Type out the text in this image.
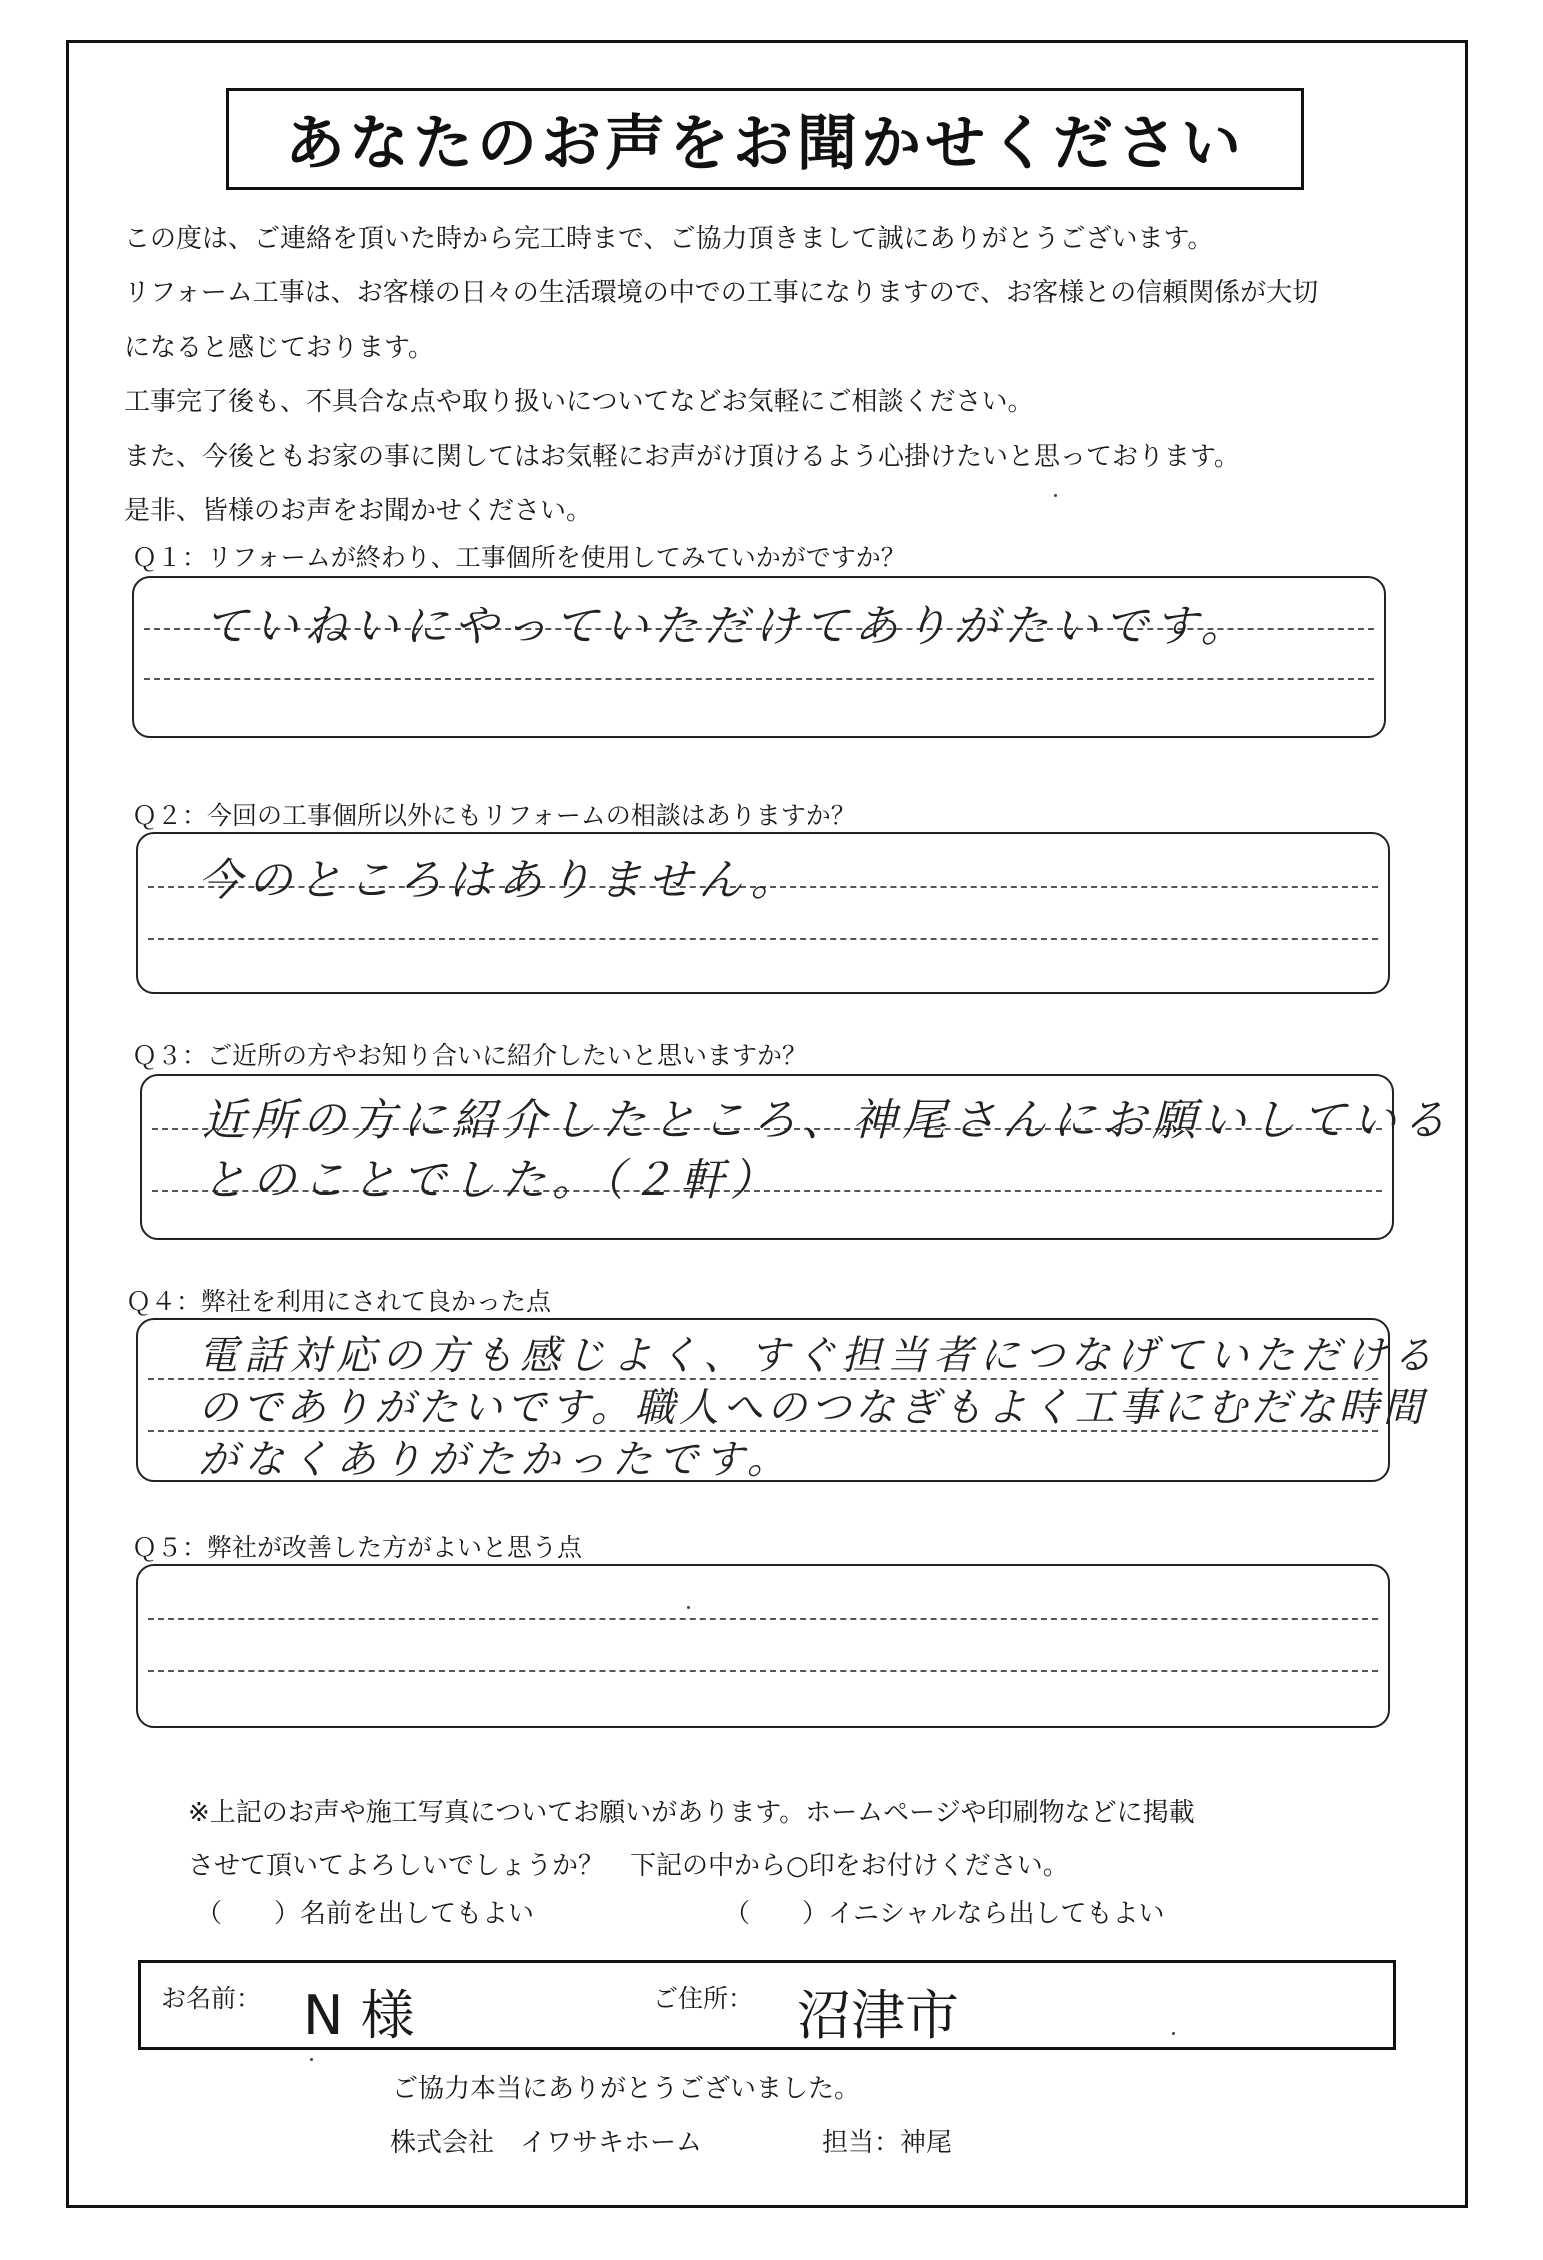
あなたのお声をお聞かせください
この度は、ご連絡を頂いた時から完工時まで、ご協力頂きまして誠にありがとうございます。
リフォーム工事は、お客様の日々の生活環境の中での工事になりますので、お客様との信頼関係が大切
になると感じております。
工事完了後も、不具合な点や取り扱いについてなどお気軽にご相談ください。
また、今後ともお家の事に関してはお気軽にお声がけ頂けるよう心掛けたいと思っております。
是非、皆様のお声をお聞かせください。
Ｑ１：リフォームが終わり、工事個所を使用してみていかがですか？
ていねいにやっていただけてありがたいです。
Ｑ２：今回の工事個所以外にもリフォームの相談はありますか？
今のところはありません。
Ｑ３：ご近所の方やお知り合いに紹介したいと思いますか？
近所の方に紹介したところ、神尾さんにお願いしている
とのことでした。（２軒）
Ｑ４：弊社を利用にされて良かった点
電話対応の方も感じよく、すぐ担当者につなげていただける
のでありがたいです。職人へのつなぎもよく工事にむだな時間
がなくありがたかったです。
Ｑ５：弊社が改善した方がよいと思う点
※上記のお声や施工写真についてお願いがあります。ホームページや印刷物などに掲載
させて頂いてよろしいでしょうか？　下記の中から○印をお付けください。
（　　）名前を出してもよい	（　　）イニシャルなら出してもよい
お名前： N 様	ご住所： 沼津市
ご協力本当にありがとうございました。
株式会社　イワサキホーム	担当：神尾
